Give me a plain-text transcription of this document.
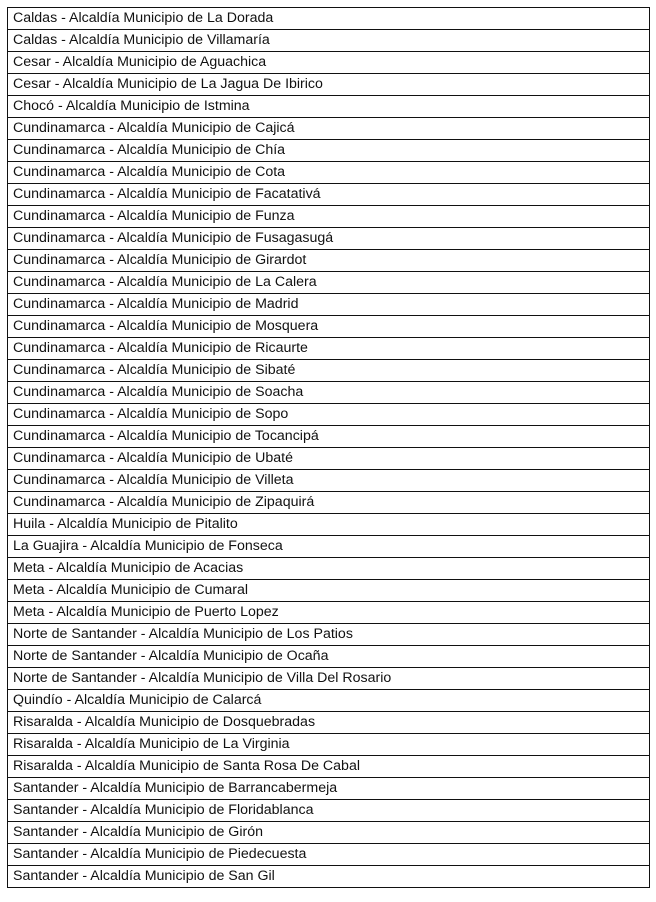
Caldas - Alcaldía Municipio de La Dorada
Caldas - Alcaldía Municipio de Villamaría
Cesar - Alcaldía Municipio de Aguachica
Cesar - Alcaldía Municipio de La Jagua De Ibirico
Chocó - Alcaldía Municipio de Istmina
Cundinamarca - Alcaldía Municipio de Cajicá
Cundinamarca - Alcaldía Municipio de Chía
Cundinamarca - Alcaldía Municipio de Cota
Cundinamarca - Alcaldía Municipio de Facatativá
Cundinamarca - Alcaldía Municipio de Funza
Cundinamarca - Alcaldía Municipio de Fusagasugá
Cundinamarca - Alcaldía Municipio de Girardot
Cundinamarca - Alcaldía Municipio de La Calera
Cundinamarca - Alcaldía Municipio de Madrid
Cundinamarca - Alcaldía Municipio de Mosquera
Cundinamarca - Alcaldía Municipio de Ricaurte
Cundinamarca - Alcaldía Municipio de Sibaté
Cundinamarca - Alcaldía Municipio de Soacha
Cundinamarca - Alcaldía Municipio de Sopo
Cundinamarca - Alcaldía Municipio de Tocancipá
Cundinamarca - Alcaldía Municipio de Ubaté
Cundinamarca - Alcaldía Municipio de Villeta
Cundinamarca - Alcaldía Municipio de Zipaquirá
Huila - Alcaldía Municipio de Pitalito
La Guajira - Alcaldía Municipio de Fonseca
Meta - Alcaldía Municipio de Acacias
Meta - Alcaldía Municipio de Cumaral
Meta - Alcaldía Municipio de Puerto Lopez
Norte de Santander - Alcaldía Municipio de Los Patios
Norte de Santander - Alcaldía Municipio de Ocaña
Norte de Santander - Alcaldía Municipio de Villa Del Rosario
Quindío - Alcaldía Municipio de Calarcá
Risaralda - Alcaldía Municipio de Dosquebradas
Risaralda - Alcaldía Municipio de La Virginia
Risaralda - Alcaldía Municipio de Santa Rosa De Cabal
Santander - Alcaldía Municipio de Barrancabermeja
Santander - Alcaldía Municipio de Floridablanca
Santander - Alcaldía Municipio de Girón
Santander - Alcaldía Municipio de Piedecuesta
Santander - Alcaldía Municipio de San Gil
